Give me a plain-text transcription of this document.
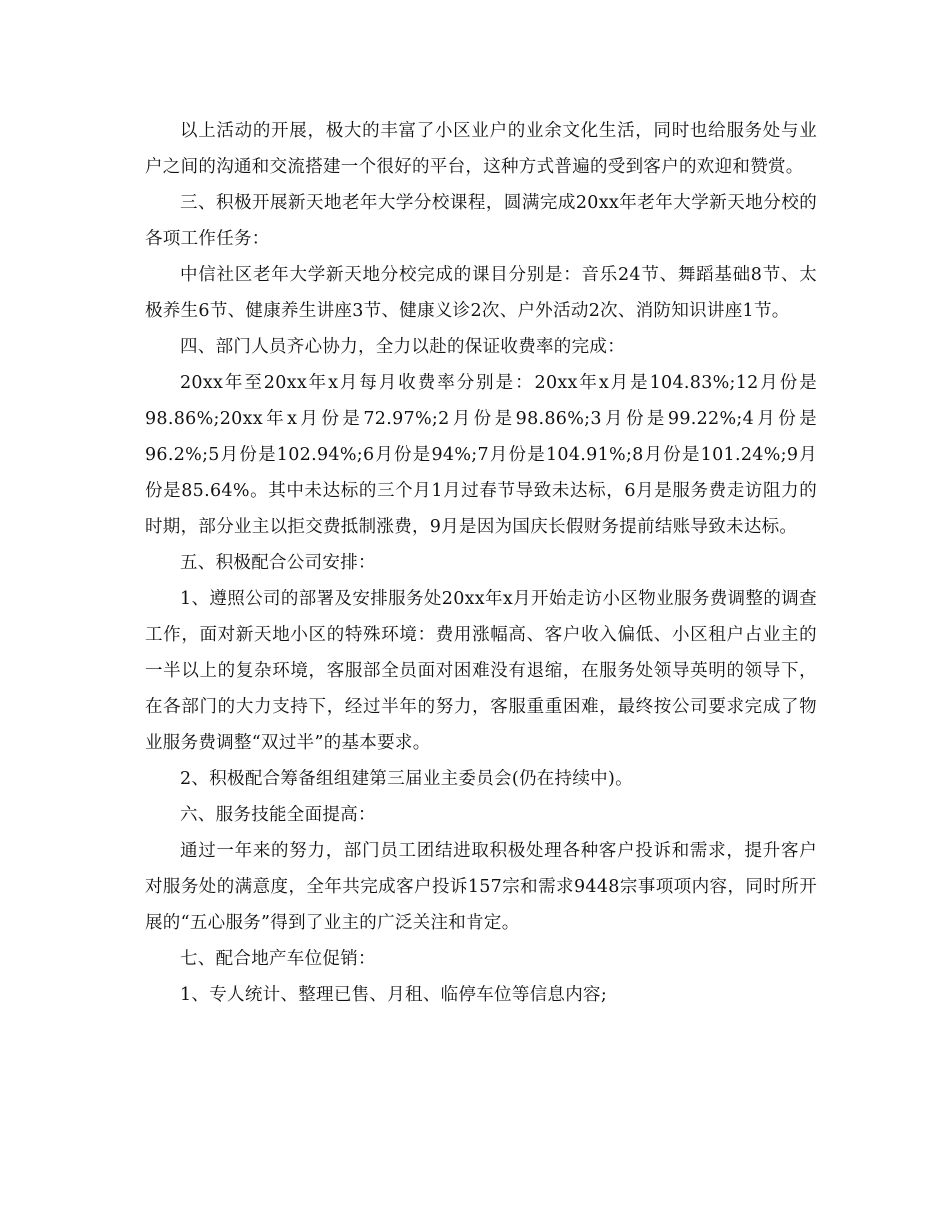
以上活动的开展，极大的丰富了小区业户的业余文化生活，同时也给服务处与业户之间的沟通和交流搭建一个很好的平台，这种方式普遍的受到客户的欢迎和赞赏。

三、积极开展新天地老年大学分校课程，圆满完成20xx年老年大学新天地分校的各项工作任务：

中信社区老年大学新天地分校完成的课目分别是：音乐24节、舞蹈基础8节、太极养生6节、健康养生讲座3节、健康义诊2次、户外活动2次、消防知识讲座1节。

四、部门人员齐心协力，全力以赴的保证收费率的完成：

20xx年至20xx年x月每月收费率分别是：20xx年x月是104.83%;12月份是98.86%;20xx年x月份是72.97%;2月份是98.86%;3月份是99.22%;4月份是96.2%;5月份是102.94%;6月份是94%;7月份是104.91%;8月份是101.24%;9月份是85.64%。其中未达标的三个月1月过春节导致未达标，6月是服务费走访阻力的时期，部分业主以拒交费抵制涨费，9月是因为国庆长假财务提前结账导致未达标。

五、积极配合公司安排：

1、遵照公司的部署及安排服务处20xx年x月开始走访小区物业服务费调整的调查工作，面对新天地小区的特殊环境：费用涨幅高、客户收入偏低、小区租户占业主的一半以上的复杂环境，客服部全员面对困难没有退缩，在服务处领导英明的领导下，在各部门的大力支持下，经过半年的努力，客服重重困难，最终按公司要求完成了物业服务费调整“双过半”的基本要求。

2、积极配合筹备组组建第三届业主委员会(仍在持续中)。

六、服务技能全面提高：

通过一年来的努力，部门员工团结进取积极处理各种客户投诉和需求，提升客户对服务处的满意度，全年共完成客户投诉157宗和需求9448宗事项项内容，同时所开展的“五心服务”得到了业主的广泛关注和肯定。

七、配合地产车位促销：

1、专人统计、整理已售、月租、临停车位等信息内容;
